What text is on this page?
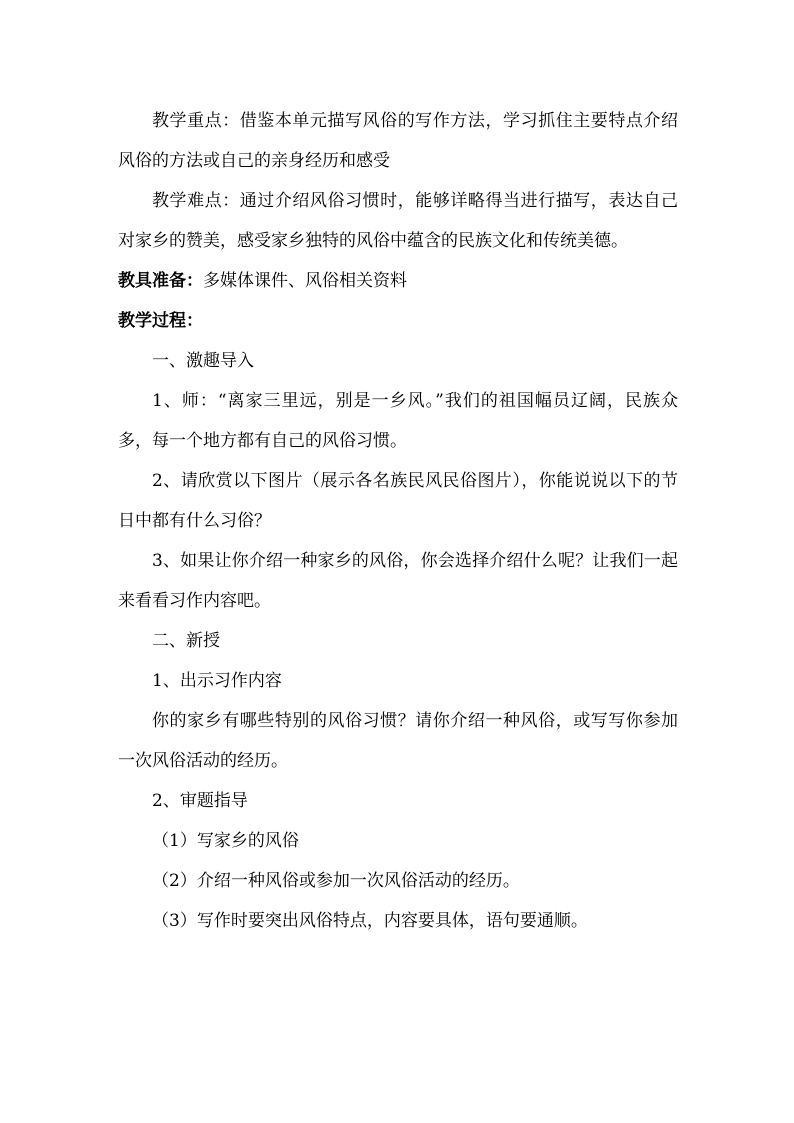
教学重点：借鉴本单元描写风俗的写作方法，学习抓住主要特点介绍风俗的方法或自己的亲身经历和感受

教学难点：通过介绍风俗习惯时，能够详略得当进行描写，表达自己对家乡的赞美，感受家乡独特的风俗中蕴含的民族文化和传统美德。

教具准备：多媒体课件、风俗相关资料

教学过程：

一、激趣导入

1、师：“离家三里远，别是一乡风。”我们的祖国幅员辽阔，民族众多，每一个地方都有自己的风俗习惯。

2、请欣赏以下图片（展示各名族民风民俗图片），你能说说以下的节日中都有什么习俗？

3、如果让你介绍一种家乡的风俗，你会选择介绍什么呢？让我们一起来看看习作内容吧。

二、新授

1、出示习作内容

你的家乡有哪些特别的风俗习惯？请你介绍一种风俗，或写写你参加一次风俗活动的经历。

2、审题指导

（1）写家乡的风俗

（2）介绍一种风俗或参加一次风俗活动的经历。

（3）写作时要突出风俗特点，内容要具体，语句要通顺。
